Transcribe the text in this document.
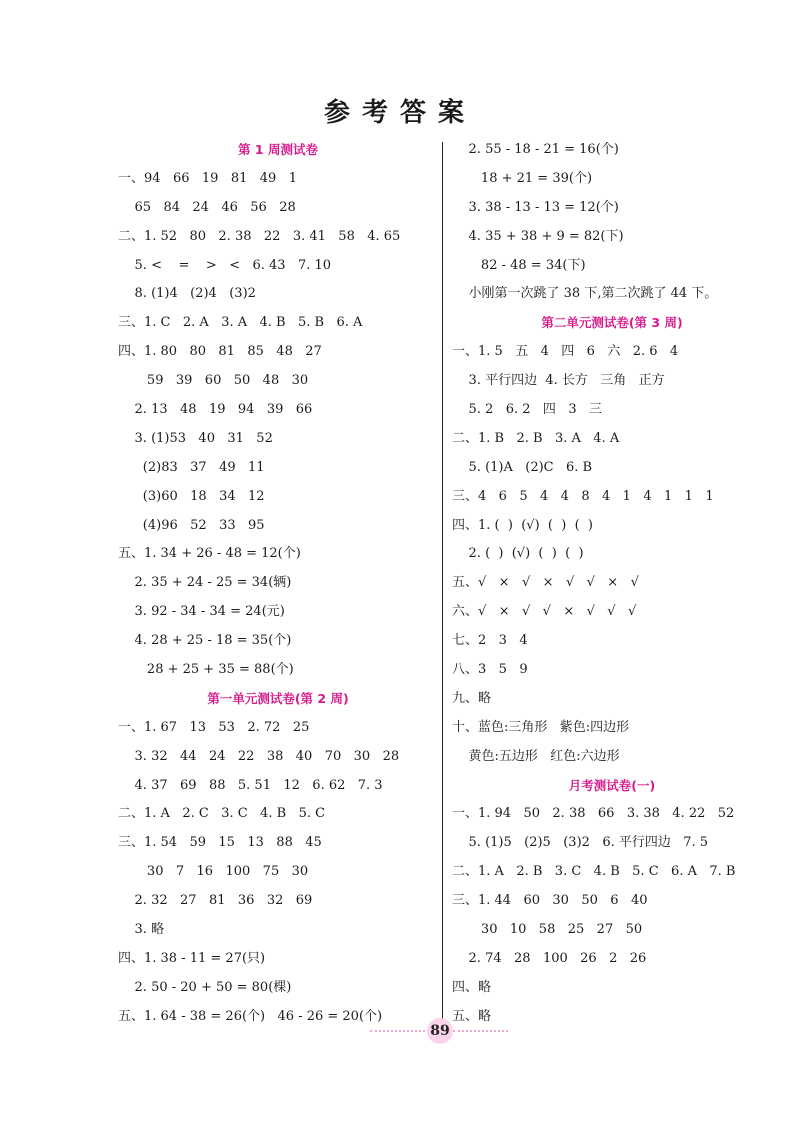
参考答案
第 1 周测试卷
一、94   66   19   81   49   1
65   84   24   46   56   28
二、1. 52   80   2. 38   22   3. 41   58   4. 65
5. <    =    >   <   6. 43   7. 10
8. (1)4   (2)4   (3)2
三、1. C   2. A   3. A   4. B   5. B   6. A
四、1. 80   80   81   85   48   27
59   39   60   50   48   30
2. 13   48   19   94   39   66
3. (1)53   40   31   52
(2)83   37   49   11
(3)60   18   34   12
(4)96   52   33   95
五、1. 34 + 26 - 48 = 12(个)
2. 35 + 24 - 25 = 34(辆)
3. 92 - 34 - 34 = 24(元)
4. 28 + 25 - 18 = 35(个)
28 + 25 + 35 = 88(个)
第一单元测试卷(第 2 周)
一、1. 67   13   53   2. 72   25
3. 32   44   24   22   38   40   70   30   28
4. 37   69   88   5. 51   12   6. 62   7. 3
二、1. A   2. C   3. C   4. B   5. C
三、1. 54   59   15   13   88   45
30   7   16   100   75   30
2. 32   27   81   36   32   69
3. 略
四、1. 38 - 11 = 27(只)
2. 50 - 20 + 50 = 80(棵)
五、1. 64 - 38 = 26(个)   46 - 26 = 20(个)
2. 55 - 18 - 21 = 16(个)
18 + 21 = 39(个)
3. 38 - 13 - 13 = 12(个)
4. 35 + 38 + 9 = 82(下)
82 - 48 = 34(下)
小刚第一次跳了 38 下,第二次跳了 44 下。
第二单元测试卷(第 3 周)
一、1. 5   五   4   四   6   六   2. 6   4
3. 平行四边  4. 长方   三角   正方
5. 2   6. 2   四   3   三
二、1. B   2. B   3. A   4. A
5. (1)A   (2)C   6. B
三、4   6   5   4   4   8   4   1   4   1   1   1
四、1. (  )  (√)  (  )  (  )
2. (  )  (√)  (  )  (  )
五、√   ×   √   ×   √   √   ×   √
六、√   ×   √   √   ×   √   √   √
七、2   3   4
八、3   5   9
九、略
十、蓝色:三角形   紫色:四边形
黄色:五边形   红色:六边形
月考测试卷(一)
一、1. 94   50   2. 38   66   3. 38   4. 22   52
5. (1)5   (2)5   (3)2   6. 平行四边   7. 5
二、1. A   2. B   3. C   4. B   5. C   6. A   7. B
三、1. 44   60   30   50   6   40
30   10   58   25   27   50
2. 74   28   100   26   2   26
四、略
五、略
89
